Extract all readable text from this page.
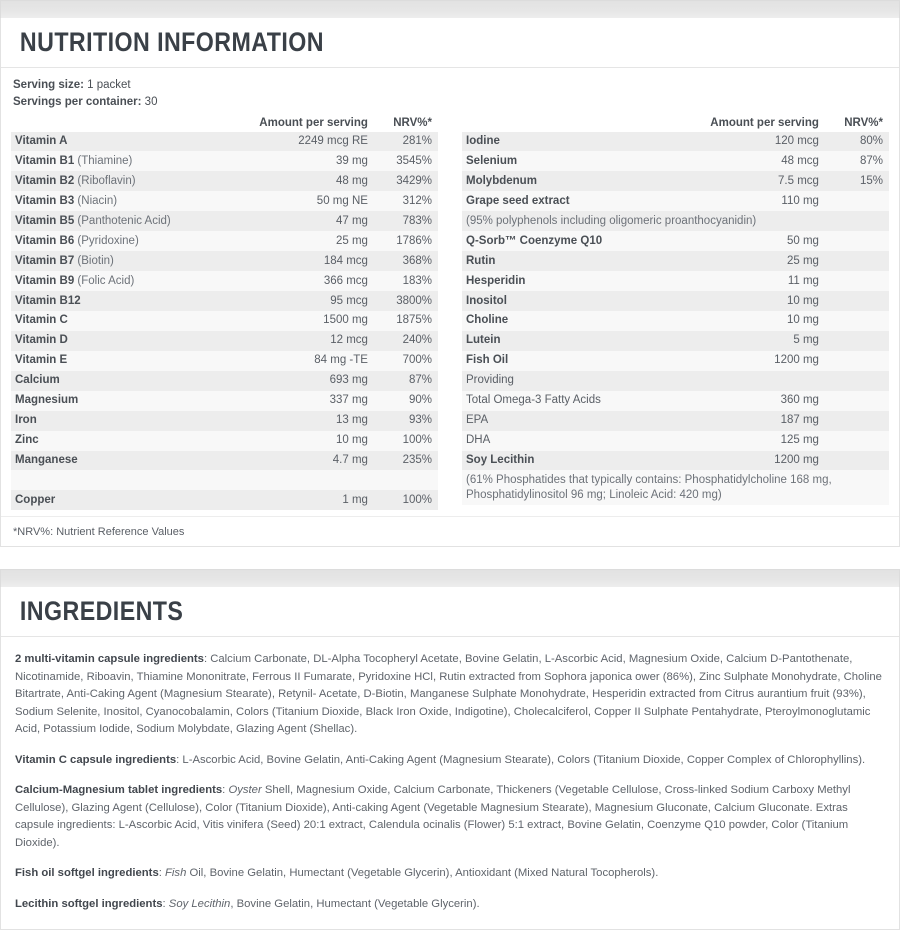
NUTRITION INFORMATION
Serving size: 1 packet
Servings per container: 30
	Amount per serving	NRV%*
Vitamin A	2249 mcg RE	281%
Vitamin B1 (Thiamine)	39 mg	3545%
Vitamin B2 (Riboflavin)	48 mg	3429%
Vitamin B3 (Niacin)	50 mg NE	312%
Vitamin B5 (Panthotenic Acid)	47 mg	783%
Vitamin B6 (Pyridoxine)	25 mg	1786%
Vitamin B7 (Biotin)	184 mcg	368%
Vitamin B9 (Folic Acid)	366 mcg	183%
Vitamin B12	95 mcg	3800%
Vitamin C	1500 mg	1875%
Vitamin D	12 mcg	240%
Vitamin E	84 mg -TE	700%
Calcium	693 mg	87%
Magnesium	337 mg	90%
Iron	13 mg	93%
Zinc	10 mg	100%
Manganese	4.7 mg	235%

Copper	1 mg	100%
	Amount per serving	NRV%*
Iodine	120 mcg	80%
Selenium	48 mcg	87%
Molybdenum	7.5 mcg	15%
Grape seed extract	110 mg	
(95% polyphenols including oligomeric proanthocyanidin)		
Q-Sorb™ Coenzyme Q10	50 mg	
Rutin	25 mg	
Hesperidin	11 mg	
Inositol	10 mg	
Choline	10 mg	
Lutein	5 mg	
Fish Oil	1200 mg	
Providing		
Total Omega-3 Fatty Acids	360 mg	
EPA	187 mg	
DHA	125 mg	
Soy Lecithin	1200 mg	
(61% Phosphatides that typically contains: Phosphatidylcholine 168 mg, Phosphatidylinositol 96 mg; Linoleic Acid: 420 mg)		
*NRV%: Nutrient Reference Values
INGREDIENTS
2 multi-vitamin capsule ingredients: Calcium Carbonate, DL-Alpha Tocopheryl Acetate, Bovine Gelatin, L-Ascorbic Acid, Magnesium Oxide, Calcium D-Pantothenate, Nicotinamide, Riboavin, Thiamine Mononitrate, Ferrous II Fumarate, Pyridoxine HCl, Rutin extracted from Sophora japonica ower (86%), Zinc Sulphate Monohydrate, Choline Bitartrate, Anti-Caking Agent (Magnesium Stearate), Retynil- Acetate, D-Biotin, Manganese Sulphate Monohydrate, Hesperidin extracted from Citrus aurantium fruit (93%), Sodium Selenite, Inositol, Cyanocobalamin, Colors (Titanium Dioxide, Black Iron Oxide, Indigotine), Cholecalciferol, Copper II Sulphate Pentahydrate, Pteroylmonoglutamic Acid, Potassium Iodide, Sodium Molybdate, Glazing Agent (Shellac).
Vitamin C capsule ingredients: L-Ascorbic Acid, Bovine Gelatin, Anti-Caking Agent (Magnesium Stearate), Colors (Titanium Dioxide, Copper Complex of Chlorophyllins).
Calcium-Magnesium tablet ingredients: Oyster Shell, Magnesium Oxide, Calcium Carbonate, Thickeners (Vegetable Cellulose, Cross-linked Sodium Carboxy Methyl Cellulose), Glazing Agent (Cellulose), Color (Titanium Dioxide), Anti-caking Agent (Vegetable Magnesium Stearate), Magnesium Gluconate, Calcium Gluconate. Extras capsule ingredients: L-Ascorbic Acid, Vitis vinifera (Seed) 20:1 extract, Calendula ocinalis (Flower) 5:1 extract, Bovine Gelatin, Coenzyme Q10 powder, Color (Titanium Dioxide).
Fish oil softgel ingredients: Fish Oil, Bovine Gelatin, Humectant (Vegetable Glycerin), Antioxidant (Mixed Natural Tocopherols).
Lecithin softgel ingredients: Soy Lecithin, Bovine Gelatin, Humectant (Vegetable Glycerin).
